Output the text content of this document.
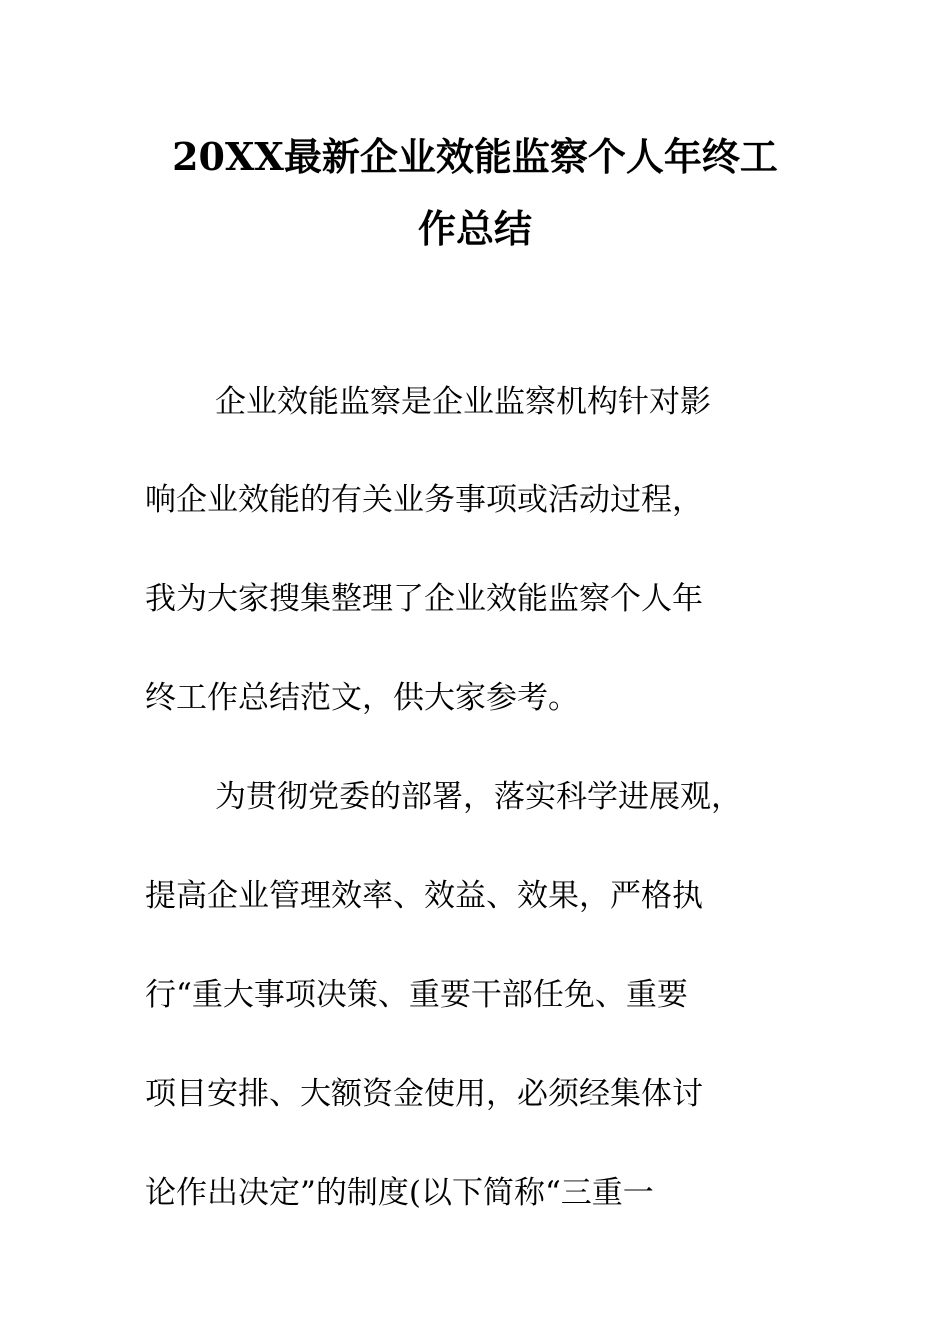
20XX最新企业效能监察个人年终工
作总结
企业效能监察是企业监察机构针对影
响企业效能的有关业务事项或活动过程，
我为大家搜集整理了企业效能监察个人年
终工作总结范文，供大家参考。
为贯彻党委的部署，落实科学进展观，
提高企业管理效率、效益、效果，严格执
行“重大事项决策、重要干部任免、重要
项目安排、大额资金使用，必须经集体讨
论作出决定”的制度(以下简称“三重一
